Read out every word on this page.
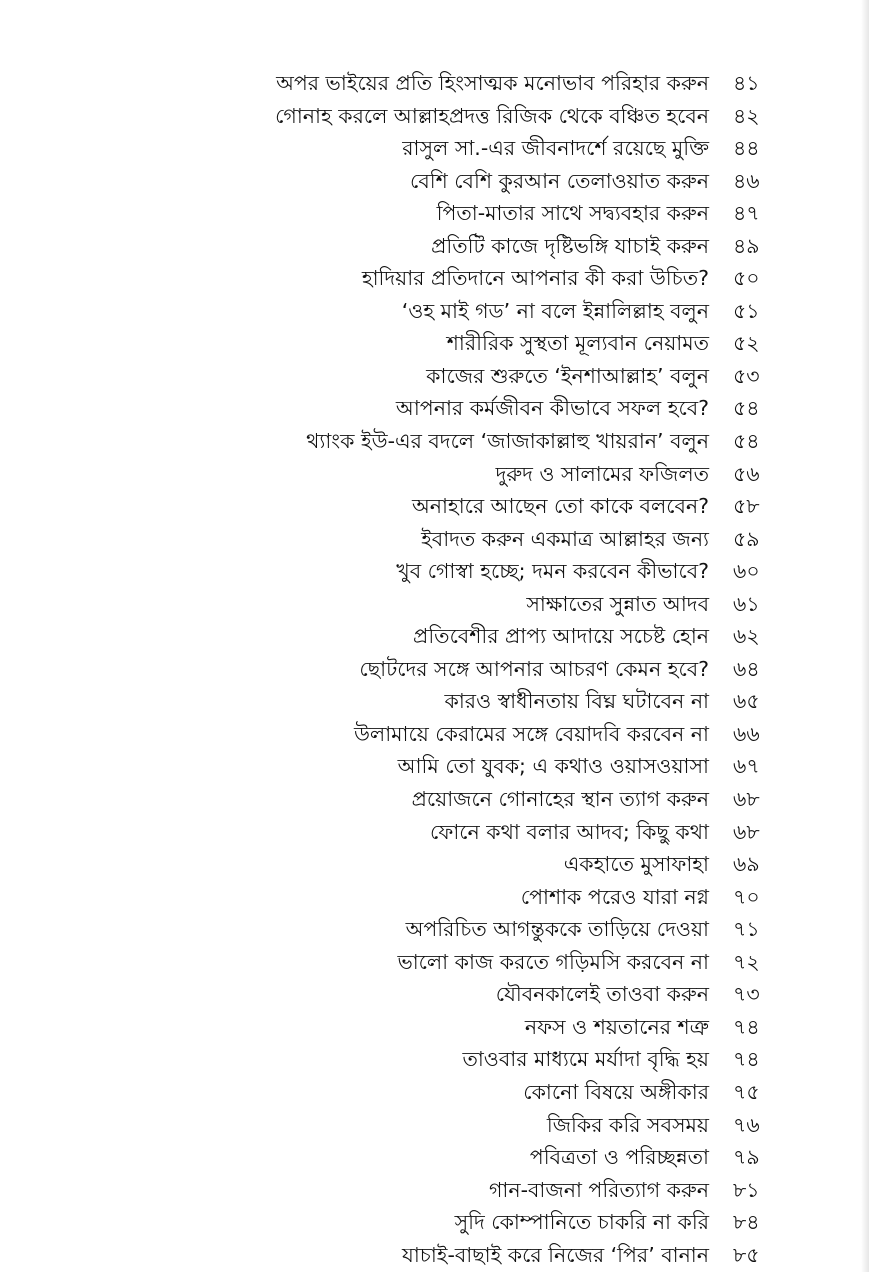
অপর ভাইয়ের প্রতি হিংসাত্মক মনোভাব পরিহার করুন ৪১
গোনাহ করলে আল্লাহপ্রদত্ত রিজিক থেকে বঞ্চিত হবেন ৪২
রাসুল সা.-এর জীবনাদর্শে রয়েছে মুক্তি ৪৪
বেশি বেশি কুরআন তেলাওয়াত করুন ৪৬
পিতা-মাতার সাথে সদ্ব্যবহার করুন ৪৭
প্রতিটি কাজে দৃষ্টিভঙ্গি যাচাই করুন ৪৯
হাদিয়ার প্রতিদানে আপনার কী করা উচিত? ৫০
‘ওহ মাই গড’ না বলে ইন্নালিল্লাহ বলুন ৫১
শারীরিক সুস্থতা মূল্যবান নেয়ামত ৫২
কাজের শুরুতে ‘ইনশাআল্লাহ’ বলুন ৫৩
আপনার কর্মজীবন কীভাবে সফল হবে? ৫৪
থ্যাংক ইউ-এর বদলে ‘জাজাকাল্লাহু খায়রান’ বলুন ৫৪
দুরুদ ও সালামের ফজিলত ৫৬
অনাহারে আছেন তো কাকে বলবেন? ৫৮
ইবাদত করুন একমাত্র আল্লাহর জন্য ৫৯
খুব গোস্বা হচ্ছে; দমন করবেন কীভাবে? ৬০
সাক্ষাতের সুন্নাত আদব ৬১
প্রতিবেশীর প্রাপ্য আদায়ে সচেষ্ট হোন ৬২
ছোটদের সঙ্গে আপনার আচরণ কেমন হবে? ৬৪
কারও স্বাধীনতায় বিঘ্ন ঘটাবেন না ৬৫
উলামায়ে কেরামের সঙ্গে বেয়াদবি করবেন না ৬৬
আমি তো যুবক; এ কথাও ওয়াসওয়াসা ৬৭
প্রয়োজনে গোনাহের স্থান ত্যাগ করুন ৬৮
ফোনে কথা বলার আদব; কিছু কথা ৬৮
একহাতে মুসাফাহা ৬৯
পোশাক পরেও যারা নগ্ন ৭০
অপরিচিত আগন্তুককে তাড়িয়ে দেওয়া ৭১
ভালো কাজ করতে গড়িমসি করবেন না ৭২
যৌবনকালেই তাওবা করুন ৭৩
নফস ও শয়তানের শত্রু ৭৪
তাওবার মাধ্যমে মর্যাদা বৃদ্ধি হয় ৭৪
কোনো বিষয়ে অঙ্গীকার ৭৫
জিকির করি সবসময় ৭৬
পবিত্রতা ও পরিচ্ছন্নতা ৭৯
গান-বাজনা পরিত্যাগ করুন ৮১
সুদি কোম্পানিতে চাকরি না করি ৮৪
যাচাই-বাছাই করে নিজের ‘পির’ বানান ৮৫
